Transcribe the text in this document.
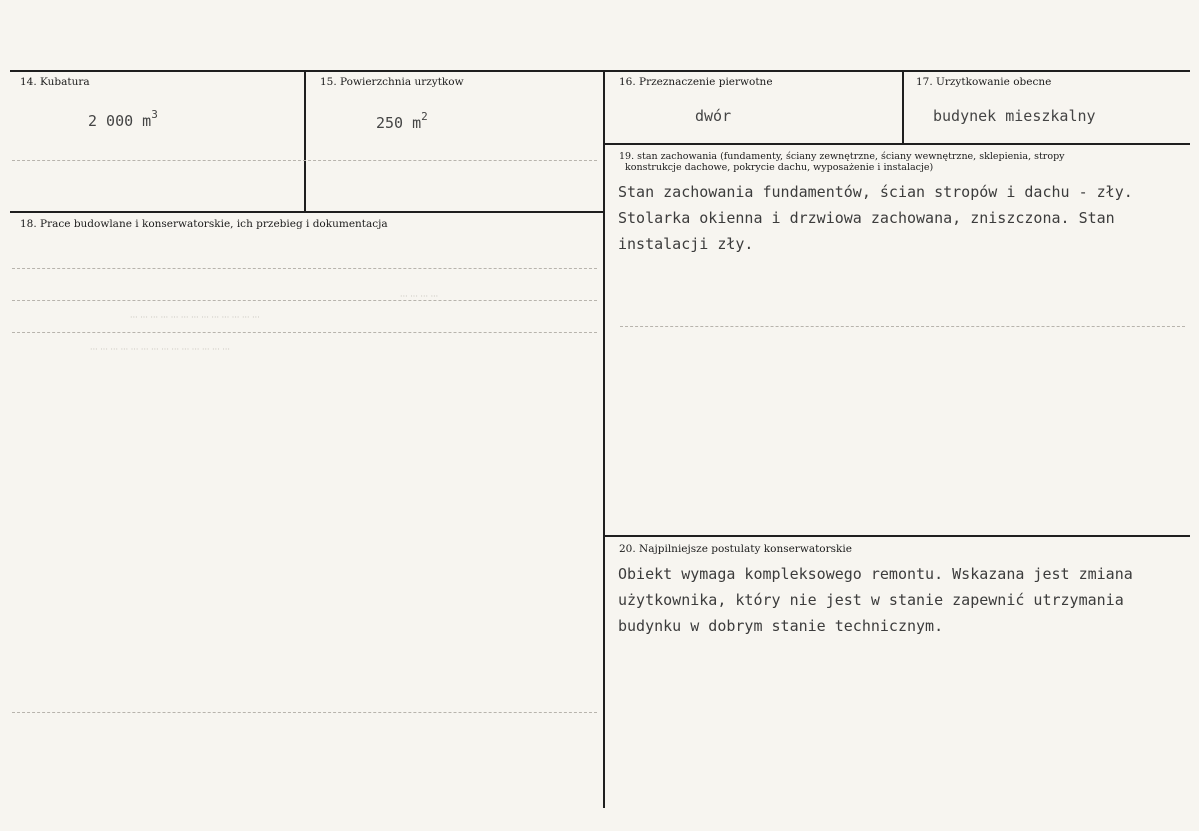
··· ··· ··· ··· ··· ··· ··· ··· ··· ··· ··· ··· ··· ···
··· ··· ··· ··· ··· ··· ··· ··· ··· ··· ··· ··· ···
··· ··· ··· ···
14. Kubatura
2 000 $m^3$
15. Powierzchnia urzytkow
250 $m^2$
16. Przeznaczenie pierwotne
dwór
17. Urzytkowanie obecne
budynek mieszkalny
18. Prace budowlane i konserwatorskie, ich przebieg i dokumentacja
19. stan zachowania (fundamenty, ściany zewnętrzne, ściany wewnętrzne, sklepienia, stropy
konstrukcje dachowe, pokrycie dachu, wyposażenie i instalacje)
Stan zachowania fundamentów, ścian stropów i dachu - zły. Stolarka okienna i drzwiowa zachowana, zniszczona. Stan instalacji zły.
20. Najpilniejsze postulaty konserwatorskie
Obiekt wymaga kompleksowego remontu. Wskazana jest zmiana użytkownika, który nie jest w stanie zapewnić utrzymania budynku w dobrym stanie technicznym.
